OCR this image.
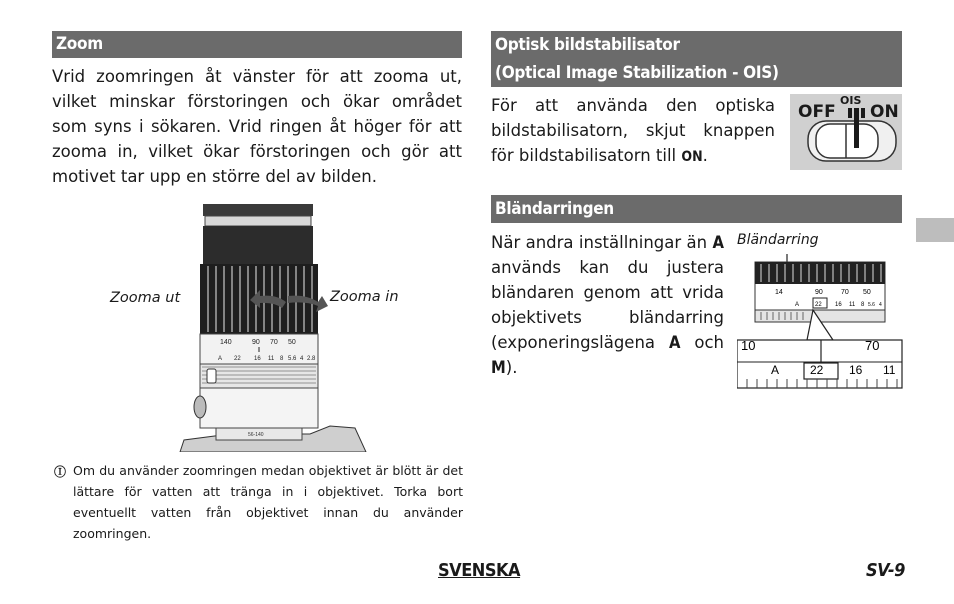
Zoom
Vrid zoomringen åt vänster för att zooma ut, vilket minskar förstoringen och ökar området som syns i sökaren. Vrid ringen åt höger för att zooma in, vilket ökar förstoringen och gör att motivet tar upp en större del av bilden.
140	90 70 50
A 22 16 11 8 5.6 4 2.8
56-140
Zooma ut	Zooma in
Ⓘ Om du använder zoomringen medan objektivet är blött är det lättare för vatten att tränga in i objektivet. Torka bort eventuellt vatten från objektivet innan du använder zoomringen.
Optisk bildstabilisator
(Optical Image Stabilization - OIS)
För att använda den optiska bildstabilisatorn, skjut knappen för bildstabilisatorn till ON.
OFF
OIS
ON
Bländarringen
När andra inställningar än A används kan du justera bländaren genom att vrida objektivets bländarring (exponeringslägena A och M).
Bländarring
14	90	70 50
A	22 16 11 8 5.6 4
10	70
A	22 16 11
SVENSKA	SV-9
